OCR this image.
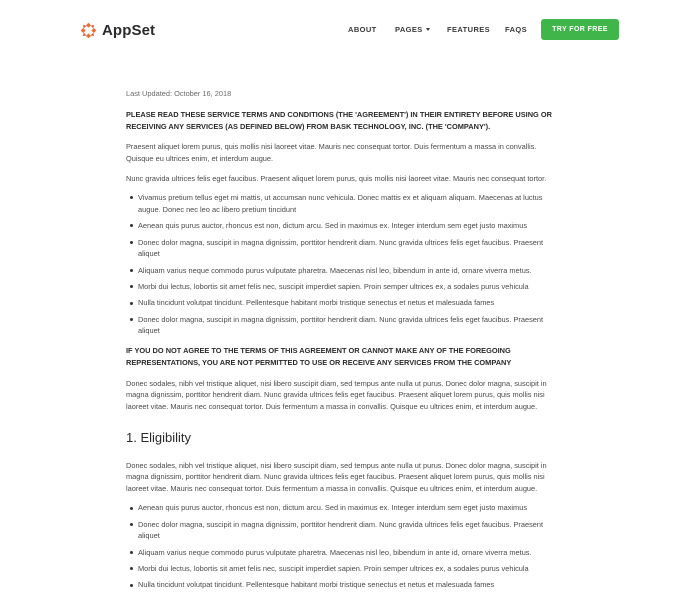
AppSet	ABOUT PAGES	FEATURES FAQS	TRY FOR FREE

Last Updated: October 16, 2018

PLEASE READ THESE SERVICE TERMS AND CONDITIONS (THE 'AGREEMENT') IN THEIR ENTIRETY BEFORE USING OR RECEIVING ANY SERVICES (AS DEFINED BELOW) FROM BASK TECHNOLOGY, INC. (THE 'COMPANY').

Praesent aliquet lorem purus, quis mollis nisi laoreet vitae. Mauris nec consequat tortor. Duis fermentum a massa in convallis. Quisque eu ultrices enim, et interdum augue.

Nunc gravida ultrices felis eget faucibus. Praesent aliquet lorem purus, quis mollis nisi laoreet vitae. Mauris nec consequat tortor.

Vivamus pretium tellus eget mi mattis, ut accumsan nunc vehicula. Donec mattis ex et aliquam aliquam. Maecenas at luctus augue. Donec nec leo ac libero pretium tincidunt
Aenean quis purus auctor, rhoncus est non, dictum arcu. Sed in maximus ex. Integer interdum sem eget justo maximus
Donec dolor magna, suscipit in magna dignissim, porttitor hendrerit diam. Nunc gravida ultrices felis eget faucibus. Praesent aliquet
Aliquam varius neque commodo purus vulputate pharetra. Maecenas nisl leo, bibendum in ante id, ornare viverra metus.
Morbi dui lectus, lobortis sit amet felis nec, suscipit imperdiet sapien. Proin semper ultrices ex, a sodales purus vehicula
Nulla tincidunt volutpat tincidunt. Pellentesque habitant morbi tristique senectus et netus et malesuada fames
Donec dolor magna, suscipit in magna dignissim, porttitor hendrerit diam. Nunc gravida ultrices felis eget faucibus. Praesent aliquet

IF YOU DO NOT AGREE TO THE TERMS OF THIS AGREEMENT OR CANNOT MAKE ANY OF THE FOREGOING REPRESENTATIONS, YOU ARE NOT PERMITTED TO USE OR RECEIVE ANY SERVICES FROM THE COMPANY

Donec sodales, nibh vel tristique aliquet, nisi libero suscipit diam, sed tempus ante nulla ut purus. Donec dolor magna, suscipit in magna dignissim, porttitor hendrerit diam. Nunc gravida ultrices felis eget faucibus. Praesent aliquet lorem purus, quis mollis nisi laoreet vitae. Mauris nec consequat tortor. Duis fermentum a massa in convallis. Quisque eu ultrices enim, et interdum augue.

1. Eligibility

Donec sodales, nibh vel tristique aliquet, nisi libero suscipit diam, sed tempus ante nulla ut purus. Donec dolor magna, suscipit in magna dignissim, porttitor hendrerit diam. Nunc gravida ultrices felis eget faucibus. Praesent aliquet lorem purus, quis mollis nisi laoreet vitae. Mauris nec consequat tortor. Duis fermentum a massa in convallis. Quisque eu ultrices enim, et interdum augue.

Aenean quis purus auctor, rhoncus est non, dictum arcu. Sed in maximus ex. Integer interdum sem eget justo maximus
Donec dolor magna, suscipit in magna dignissim, porttitor hendrerit diam. Nunc gravida ultrices felis eget faucibus. Praesent aliquet
Aliquam varius neque commodo purus vulputate pharetra. Maecenas nisl leo, bibendum in ante id, ornare viverra metus.
Morbi dui lectus, lobortis sit amet felis nec, suscipit imperdiet sapien. Proin semper ultrices ex, a sodales purus vehicula
Nulla tincidunt volutpat tincidunt. Pellentesque habitant morbi tristique senectus et netus et malesuada fames
